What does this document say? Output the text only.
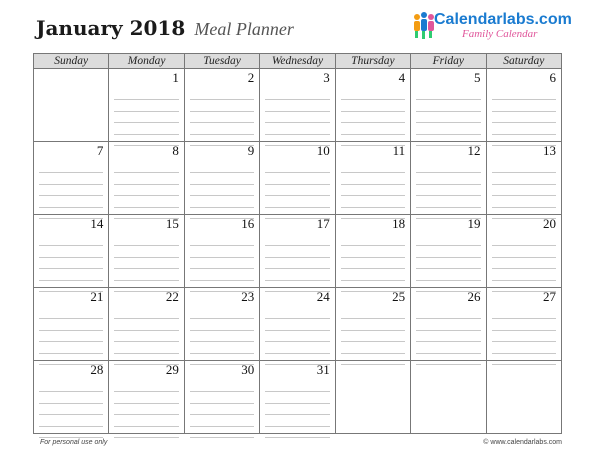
January 2018 Meal Planner	Calendarlabs.com
Family Calendar
Sunday	Monday	Tuesday	Wednesday	Thursday	Friday	Saturday

	1	2	3	4	5	6

7	8	9	10	11	12	13

14	15	16	17	18	19	20

21	22	23	24	25	26	27

28	29	30	31			

For personal use only	© www.calendarlabs.com
